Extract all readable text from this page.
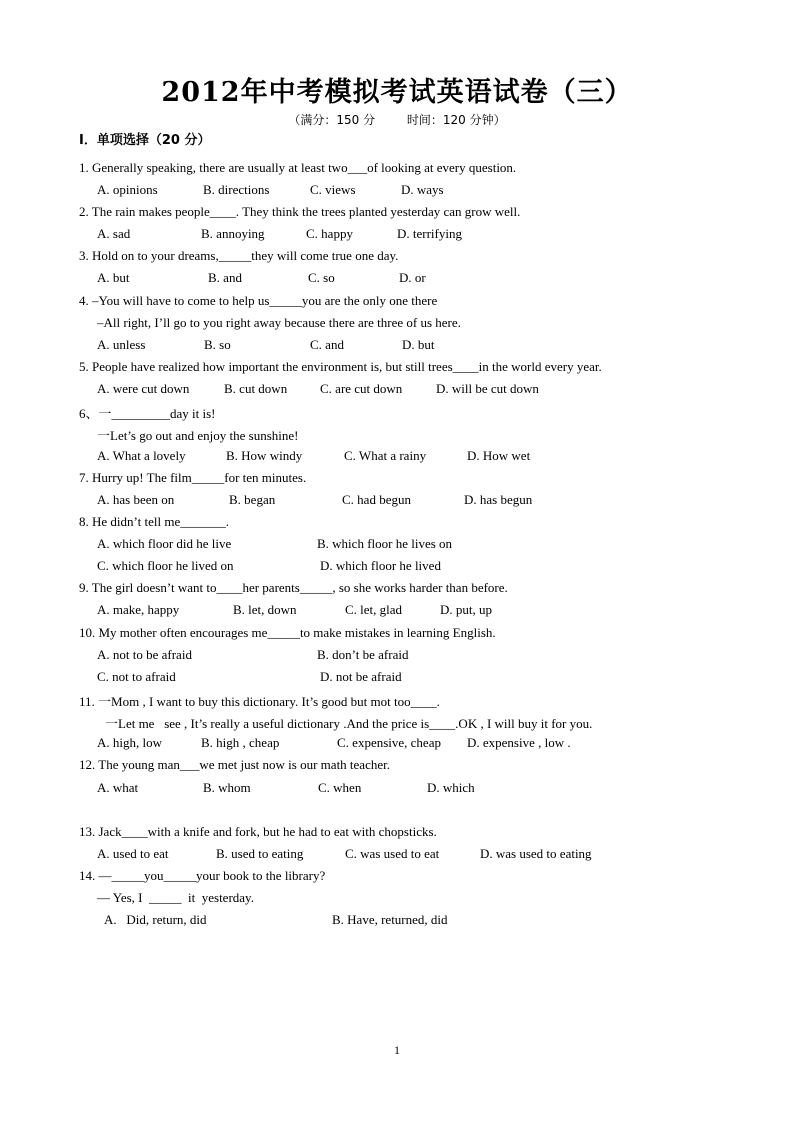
2012年中考模拟考试英语试卷（三）
（满分：150 分	时间：120 分钟）
I．单项选择（20 分）
1. Generally speaking, there are usually at least two___of looking at every question.
A. opinions	B. directions	C. views	D. ways
2. The rain makes people____. They think the trees planted yesterday can grow well.
A. sad	B. annoying	C. happy	D. terrifying
3. Hold on to your dreams,_____they will come true one day.
A. but	B. and	C. so	D. or
4. –You will have to come to help us_____you are the only one there
–All right, I’ll go to you right away because there are three of us here.
A. unless	B. so	C. and	D. but
5. People have realized how important the environment is, but still trees____in the world every year.
A. were cut down	B. cut down	C. are cut down	D. will be cut down
6、一_________day it is!
一Let’s go out and enjoy the sunshine!
A. What a lovely	B. How windy	C. What a rainy	D. How wet
7. Hurry up! The film_____for ten minutes.
A. has been on	B. began	C. had begun	D. has begun
8. He didn’t tell me_______.
A. which floor did he live	B. which floor he lives on
C. which floor he lived on	D. which floor he lived
9. The girl doesn’t want to____her parents_____, so she works harder than before.
A. make, happy	B. let, down	C. let, glad	D. put, up
10. My mother often encourages me_____to make mistakes in learning English.
A. not to be afraid	B. don’t be afraid
C. not to afraid	D. not be afraid
11. 一Mom , I want to buy this dictionary. It’s good but mot too____.
一Let me   see , It’s really a useful dictionary .And the price is____.OK , I will buy it for you.
A. high, low	B. high , cheap	C. expensive, cheap D. expensive , low .
12. The young man___we met just now is our math teacher.
A. what	B. whom	C. when	D. which
13. Jack____with a knife and fork, but he had to eat with chopsticks.
A. used to eat	B. used to eating	C. was used to eat	D. was used to eating
14. —_____you_____your book to the library?
— Yes, I  _____  it  yesterday.
A.   Did, return, did	B. Have, returned, did
1
